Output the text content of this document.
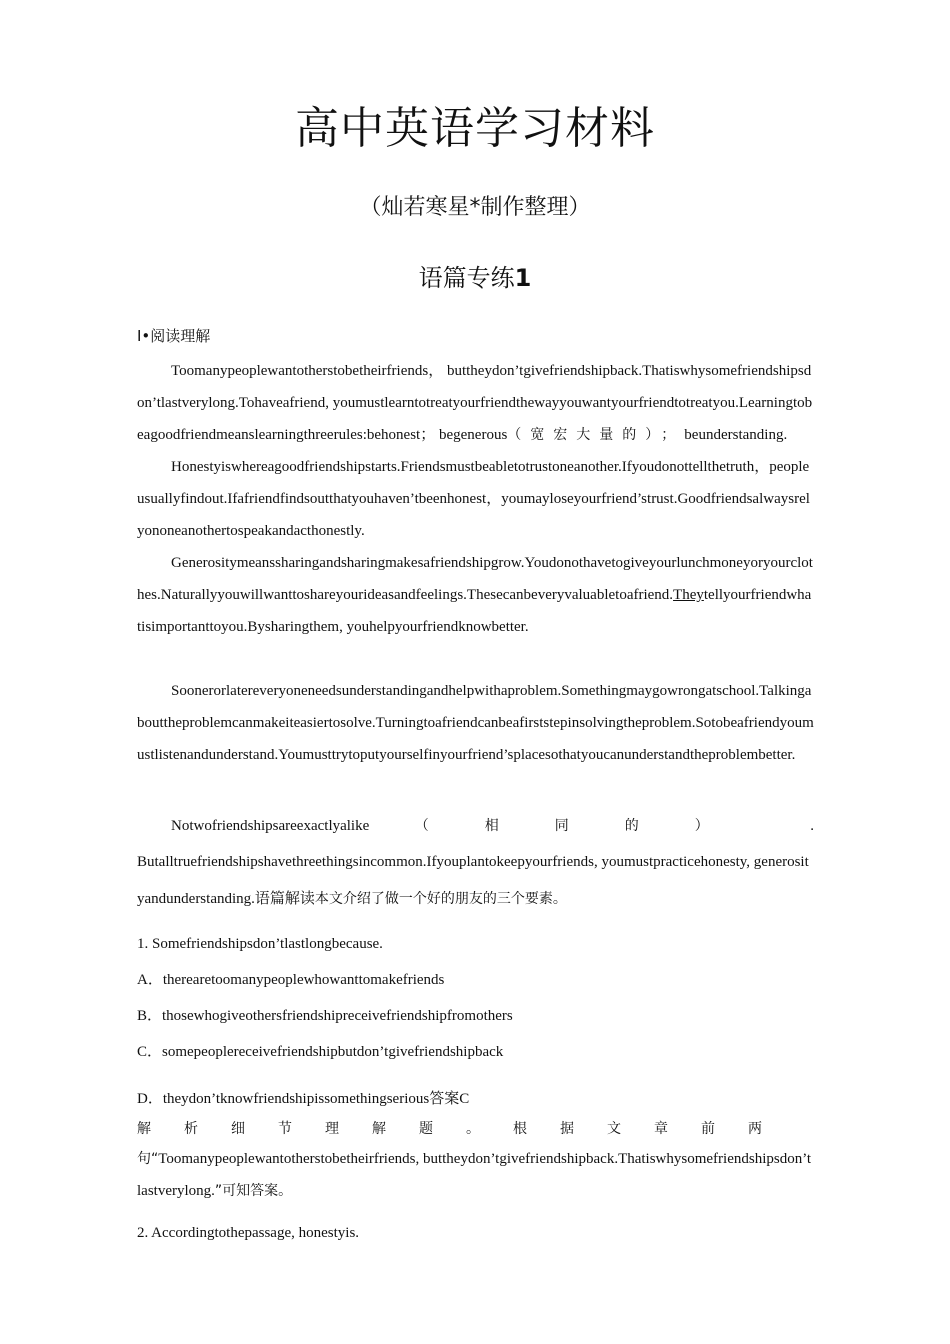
高中英语学习材料
（灿若寒星*制作整理）
语篇专练1
I•阅读理解

Toomanypeoplewantotherstobetheirfriends， buttheydon’tgivefriendshipback.Thatiswhysomefriendshipsdon’tlastverylong.Tohaveafriend, youmustlearntotreatyourfriendthewayyouwantyourfriendtotreatyou.Learningtobeagoodfriendmeanslearningthreerules:behonest； begenerous（宽宏大量的）；beunderstanding.

Honestyiswhereagoodfriendshipstarts.Friendsmustbeabletotrustoneanother.Ifyoudonottellthetruth，peopleusuallyfindout.Ifafriendfindsoutthatyouhaven’tbeenhonest，youmayloseyourfriend’strust.Goodfriendsalwaysrelyononeanothertospeakandacthonestly.

Generositymeanssharingandsharingmakesafriendshipgrow.Youdonothavetogiveyourlunchmoneyoryourclothes.Naturallyyouwillwanttoshareyourideasandfeelings.Thesecanbeveryvaluabletoafriend.Theytellyourfriendwhatisimportanttoyou.Bysharingthem, youhelpyourfriendknowbetter.

Soonerorlatereveryoneneedsunderstandingandhelpwithaproblem.Somethingmaygowrongatschool.Talkingabouttheproblemcanmakeiteasiertosolve.Turningtoafriendcanbeafirststepinsolvingtheproblem.Sotobeafriendyoumustlistenandunderstand.Youmusttrytoputyourselfinyourfriend’splacesothatyoucanunderstandtheproblembetter.

Notwofriendshipsareexactlyalike	（相同的）	.

Butalltruefriendshipshavethreethingsincommon.Ifyouplantokeepyourfriends, youmustpracticehonesty, generosityandunderstanding.语篇解读本文介绍了做一个好的朋友的三个要素。

1. Somefriendshipsdon’tlastlongbecause.

A．therearetoomanypeoplewhowanttomakefriends

B．thosewhogiveothersfriendshipreceivefriendshipfromothers

C．somepeoplereceivefriendshipbutdon’tgivefriendshipback

D．theydon’tknowfriendshipissomethingserious答案C

解析细节理解题。根据文章前两

句“Toomanypeoplewantotherstobetheirfriends, buttheydon’tgivefriendshipback.Thatiswhysomefriendshipsdon’tlastverylong.”可知答案。

2. Accordingtothepassage, honestyis.
